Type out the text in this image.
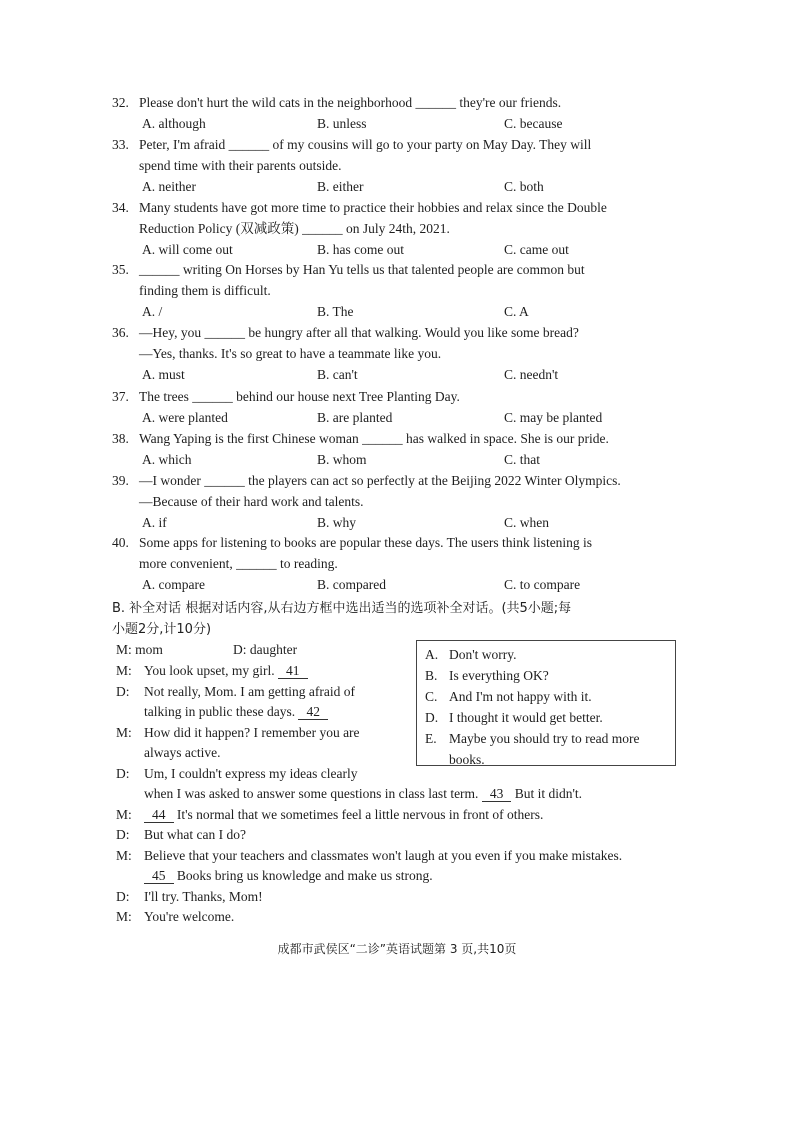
32. Please don't hurt the wild cats in the neighborhood ______ they're our friends.
A. although	B. unless	C. because
33. Peter, I'm afraid ______ of my cousins will go to your party on May Day. They will
spend time with their parents outside.
A. neither	B. either	C. both
34. Many students have got more time to practice their hobbies and relax since the Double
Reduction Policy (双减政策) ______ on July 24th, 2021.
A. will come out	B. has come out	C. came out
35. ______ writing On Horses by Han Yu tells us that talented people are common but
finding them is difficult.
A. /	B. The	C. A
36. —Hey, you ______ be hungry after all that walking. Would you like some bread?
—Yes, thanks. It's so great to have a teammate like you.
A. must	B. can't	C. needn't
37. The trees ______ behind our house next Tree Planting Day.
A. were planted	B. are planted	C. may be planted
38. Wang Yaping is the first Chinese woman ______ has walked in space. She is our pride.
A. which	B. whom	C. that
39. —I wonder ______ the players can act so perfectly at the Beijing 2022 Winter Olympics.
—Because of their hard work and talents.
A. if	B. why	C. when
40. Some apps for listening to books are popular these days. The users think listening is
more convenient, ______ to reading.
A. compare	B. compared	C. to compare
B. 补全对话 根据对话内容,从右边方框中选出适当的选项补全对话。(共5小题;每
小题2分,计10分)
M: mom	D: daughter
M: You look upset, my girl. 41
D: Not really, Mom. I am getting afraid of
talking in public these days. 42
M: How did it happen? I remember you are
always active.
D: Um, I couldn't express my ideas clearly
when I was asked to answer some questions in class last term. 43 But it didn't.
M:	44 It's normal that we sometimes feel a little nervous in front of others.
D: But what can I do?
M: Believe that your teachers and classmates won't laugh at you even if you make mistakes.
45 Books bring us knowledge and make us strong.
D: I'll try. Thanks, Mom!
M: You're welcome.
A. Don't worry.
B. Is everything OK?
C. And I'm not happy with it.
D. I thought it would get better.
E. Maybe you should try to read more
books.
成都市武侯区“二诊”英语试题第 3 页,共10页
